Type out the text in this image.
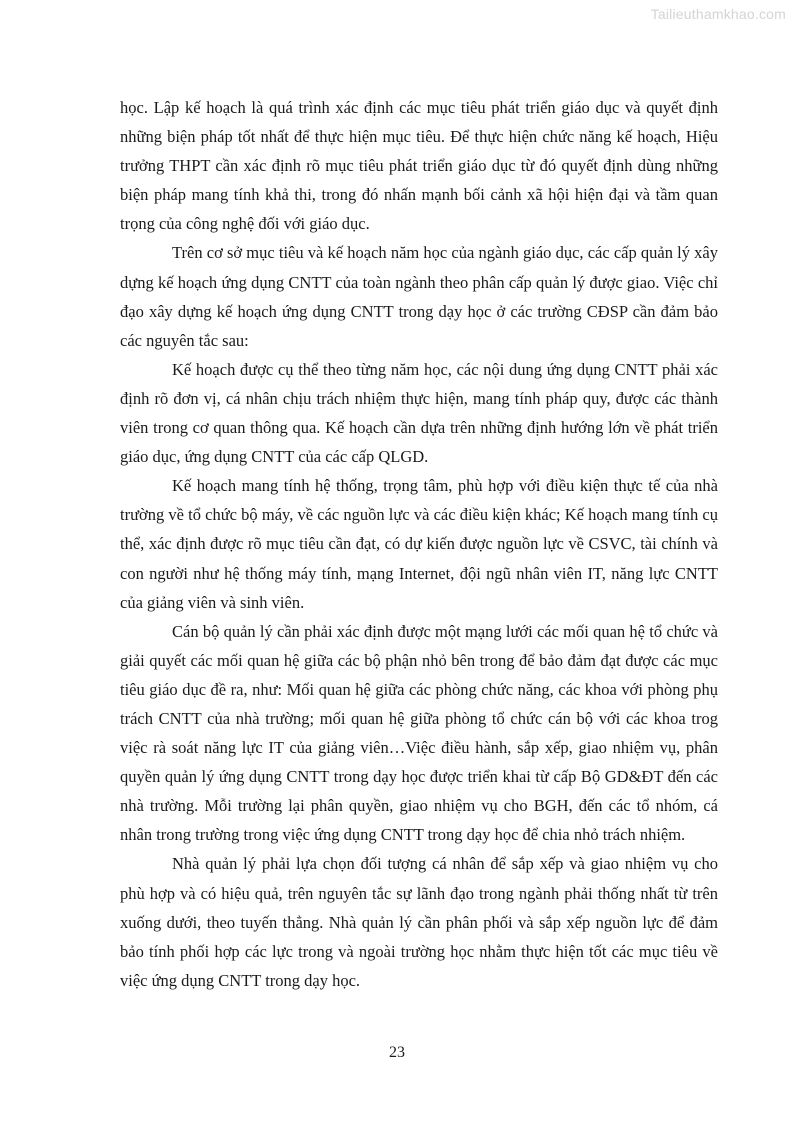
Tailieuthamkhao.com

học. Lập kế hoạch là quá trình xác định các mục tiêu phát triển giáo dục và quyết định những biện pháp tốt nhất để thực hiện mục tiêu. Để thực hiện chức năng kế hoạch, Hiệu trưởng THPT cần xác định rõ mục tiêu phát triển giáo dục từ đó quyết định dùng những biện pháp mang tính khả thi, trong đó nhấn mạnh bối cảnh xã hội hiện đại và tầm quan trọng của công nghệ đối với giáo dục.

Trên cơ sở mục tiêu và kế hoạch năm học của ngành giáo dục, các cấp quản lý xây dựng kế hoạch ứng dụng CNTT của toàn ngành theo phân cấp quản lý được giao. Việc chỉ đạo xây dựng kế hoạch ứng dụng CNTT trong dạy học ở các trường CĐSP cần đảm bảo các nguyên tắc sau:

Kế hoạch được cụ thể theo từng năm học, các nội dung ứng dụng CNTT phải xác định rõ đơn vị, cá nhân chịu trách nhiệm thực hiện, mang tính pháp quy, được các thành viên trong cơ quan thông qua. Kế hoạch cần dựa trên những định hướng lớn về phát triển giáo dục, ứng dụng CNTT của các cấp QLGD.

Kế hoạch mang tính hệ thống, trọng tâm, phù hợp với điều kiện thực tế của nhà trường về tổ chức bộ máy, về các nguồn lực và các điều kiện khác; Kế hoạch mang tính cụ thể, xác định được rõ mục tiêu cần đạt, có dự kiến được nguồn lực về CSVC, tài chính và con người như hệ thống máy tính, mạng Internet, đội ngũ nhân viên IT, năng lực CNTT của giảng viên và sinh viên.

Cán bộ quản lý cần phải xác định được một mạng lưới các mối quan hệ tổ chức và giải quyết các mối quan hệ giữa các bộ phận nhỏ bên trong để bảo đảm đạt được các mục tiêu giáo dục đề ra, như: Mối quan hệ giữa các phòng chức năng, các khoa với phòng phụ trách CNTT của nhà trường; mối quan hệ giữa phòng tổ chức cán bộ với các khoa trog việc rà soát năng lực IT của giảng viên…Việc điều hành, sắp xếp, giao nhiệm vụ, phân quyền quản lý ứng dụng CNTT trong dạy học được triển khai từ cấp Bộ GD&ĐT đến các nhà trường. Mỗi trường lại phân quyền, giao nhiệm vụ cho BGH, đến các tổ nhóm, cá nhân trong trường trong việc ứng dụng CNTT trong dạy học để chia nhỏ trách nhiệm.

Nhà quản lý phải lựa chọn đối tượng cá nhân để sắp xếp và giao nhiệm vụ cho phù hợp và có hiệu quả, trên nguyên tắc sự lãnh đạo trong ngành phải thống nhất từ trên xuống dưới, theo tuyến thẳng. Nhà quản lý cần phân phối và sắp xếp nguồn lực để đảm bảo tính phối hợp các lực trong và ngoài trường học nhằm thực hiện tốt các mục tiêu về việc ứng dụng CNTT trong dạy học.

23
